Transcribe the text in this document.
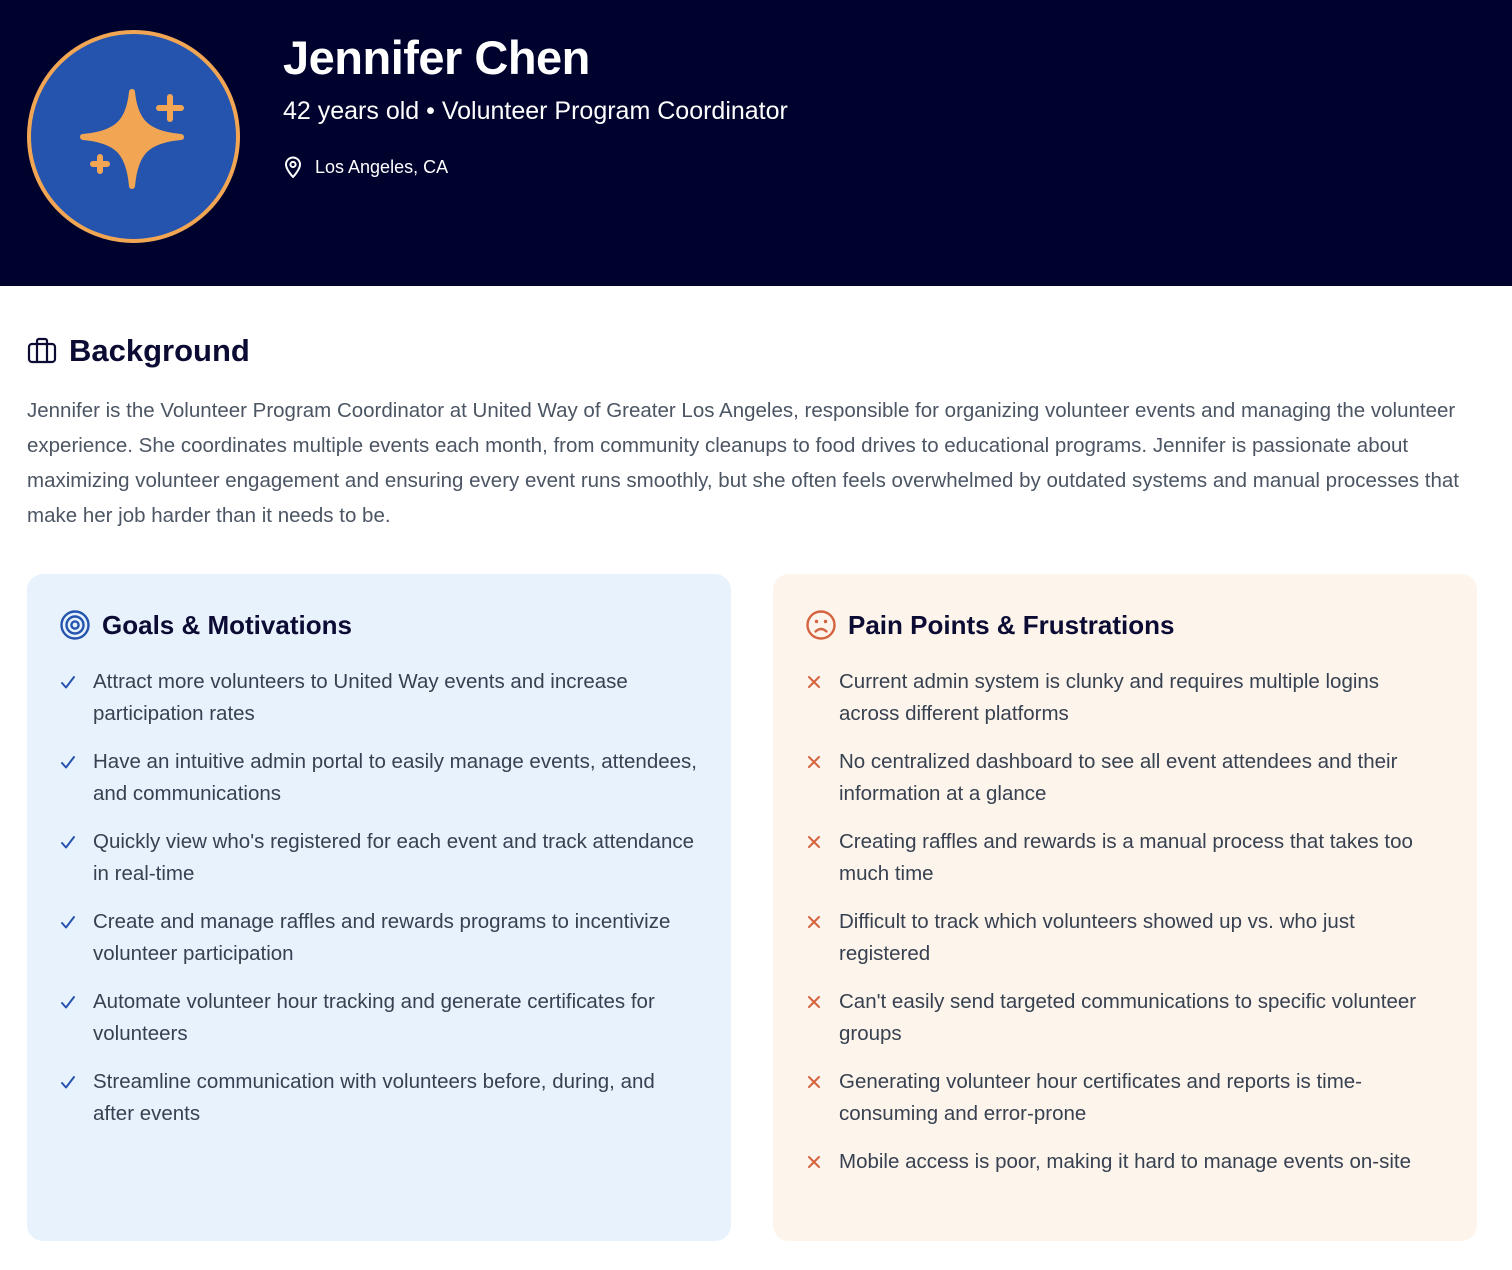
Jennifer Chen
42 years old • Volunteer Program Coordinator
Los Angeles, CA
Background

Jennifer is the Volunteer Program Coordinator at United Way of Greater Los Angeles, responsible for organizing volunteer events and managing the volunteer experience. She coordinates multiple events each month, from community cleanups to food drives to educational programs. Jennifer is passionate about maximizing volunteer engagement and ensuring every event runs smoothly, but she often feels overwhelmed by outdated systems and manual processes that make her job harder than it needs to be.

Goals & Motivations
Attract more volunteers to United Way events and increase participation rates
Have an intuitive admin portal to easily manage events, attendees, and communications
Quickly view who's registered for each event and track attendance in real-time
Create and manage raffles and rewards programs to incentivize volunteer participation
Automate volunteer hour tracking and generate certificates for volunteers
Streamline communication with volunteers before, during, and after events
Pain Points & Frustrations
Current admin system is clunky and requires multiple logins across different platforms
No centralized dashboard to see all event attendees and their information at a glance
Creating raffles and rewards is a manual process that takes too much time
Difficult to track which volunteers showed up vs. who just registered
Can't easily send targeted communications to specific volunteer groups
Generating volunteer hour certificates and reports is time-consuming and error-prone
Mobile access is poor, making it hard to manage events on-site
